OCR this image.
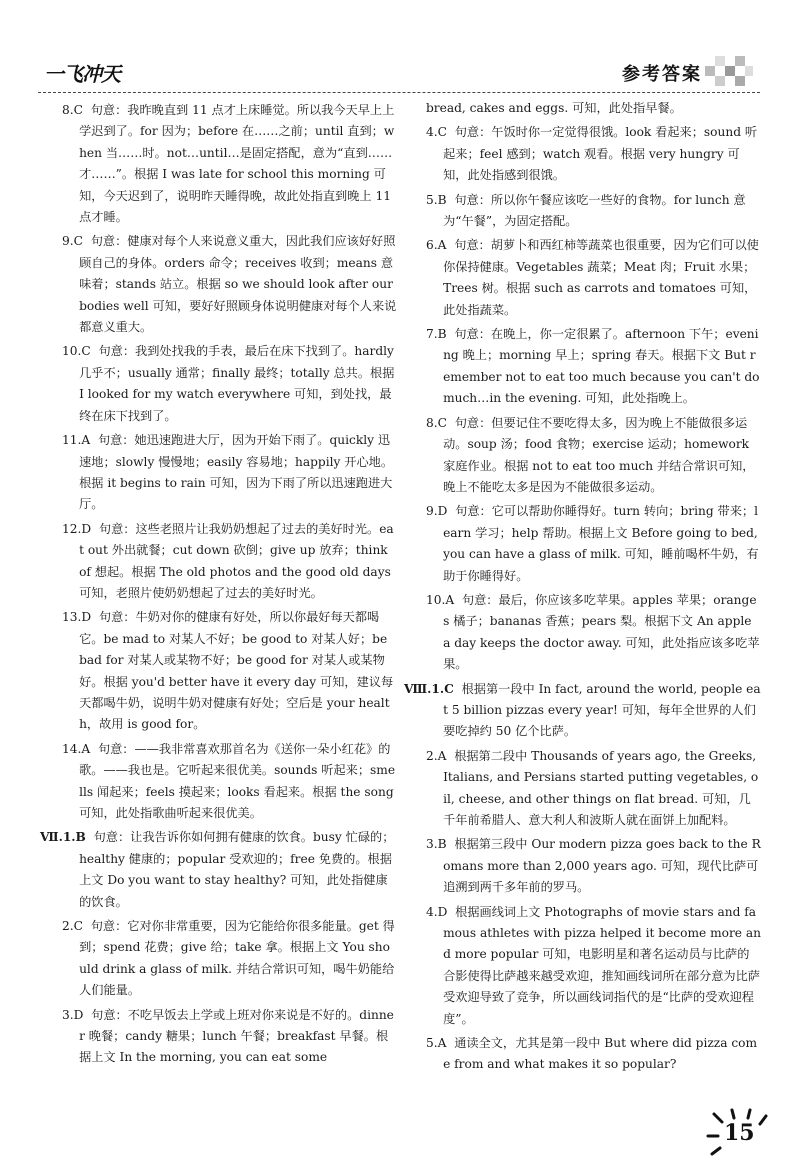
一飞冲天	参考答案
8.C 句意：我昨晚直到 11 点才上床睡觉。所以我今天早上上学迟到了。for 因为；before 在……之前；until 直到；when 当……时。not…until…是固定搭配，意为“直到……才……”。根据 I was late for school this morning 可知，今天迟到了，说明昨天睡得晚，故此处指直到晚上 11 点才睡。
9.C 句意：健康对每个人来说意义重大，因此我们应该好好照顾自己的身体。orders 命令；receives 收到；means 意味着；stands 站立。根据 so we should look after our bodies well 可知，要好好照顾身体说明健康对每个人来说都意义重大。
10.C 句意：我到处找我的手表，最后在床下找到了。hardly 几乎不；usually 通常；finally 最终；totally 总共。根据 I looked for my watch everywhere 可知，到处找，最终在床下找到了。
11.A 句意：她迅速跑进大厅，因为开始下雨了。quickly 迅速地；slowly 慢慢地；easily 容易地；happily 开心地。根据 it begins to rain 可知，因为下雨了所以迅速跑进大厅。
12.D 句意：这些老照片让我奶奶想起了过去的美好时光。eat out 外出就餐；cut down 砍倒；give up 放弃；think of 想起。根据 The old photos and the good old days 可知，老照片使奶奶想起了过去的美好时光。
13.D 句意：牛奶对你的健康有好处，所以你最好每天都喝它。be mad to 对某人不好；be good to 对某人好；be bad for 对某人或某物不好；be good for 对某人或某物好。根据 you'd better have it every day 可知，建议每天都喝牛奶，说明牛奶对健康有好处；空后是 your health，故用 is good for。
14.A 句意：——我非常喜欢那首名为《送你一朵小红花》的歌。——我也是。它听起来很优美。sounds 听起来；smells 闻起来；feels 摸起来；looks 看起来。根据 the song 可知，此处指歌曲听起来很优美。
Ⅶ.1.B 句意：让我告诉你如何拥有健康的饮食。busy 忙碌的；healthy 健康的；popular 受欢迎的；free 免费的。根据上文 Do you want to stay healthy? 可知，此处指健康的饮食。
2.C 句意：它对你非常重要，因为它能给你很多能量。get 得到；spend 花费；give 给；take 拿。根据上文 You should drink a glass of milk. 并结合常识可知，喝牛奶能给人们能量。
3.D 句意：不吃早饭去上学或上班对你来说是不好的。dinner 晚餐；candy 糖果；lunch 午餐；breakfast 早餐。根据上文 In the morning, you can eat some
bread, cakes and eggs. 可知，此处指早餐。
4.C 句意：午饭时你一定觉得很饿。look 看起来；sound 听起来；feel 感到；watch 观看。根据 very hungry 可知，此处指感到很饿。
5.B 句意：所以你午餐应该吃一些好的食物。for lunch 意为“午餐”，为固定搭配。
6.A 句意：胡萝卜和西红柿等蔬菜也很重要，因为它们可以使你保持健康。Vegetables 蔬菜；Meat 肉；Fruit 水果；Trees 树。根据 such as carrots and tomatoes 可知，此处指蔬菜。
7.B 句意：在晚上，你一定很累了。afternoon 下午；evening 晚上；morning 早上；spring 春天。根据下文 But remember not to eat too much because you can't do much…in the evening. 可知，此处指晚上。
8.C 句意：但要记住不要吃得太多，因为晚上不能做很多运动。soup 汤；food 食物；exercise 运动；homework 家庭作业。根据 not to eat too much 并结合常识可知，晚上不能吃太多是因为不能做很多运动。
9.D 句意：它可以帮助你睡得好。turn 转向；bring 带来；learn 学习；help 帮助。根据上文 Before going to bed, you can have a glass of milk. 可知，睡前喝杯牛奶，有助于你睡得好。
10.A 句意：最后，你应该多吃苹果。apples 苹果；oranges 橘子；bananas 香蕉；pears 梨。根据下文 An apple a day keeps the doctor away. 可知，此处指应该多吃苹果。
Ⅷ.1.C 根据第一段中 In fact, around the world, people eat 5 billion pizzas every year! 可知，每年全世界的人们要吃掉约 50 亿个比萨。
2.A 根据第二段中 Thousands of years ago, the Greeks, Italians, and Persians started putting vegetables, oil, cheese, and other things on flat bread. 可知，几千年前希腊人、意大利人和波斯人就在面饼上加配料。
3.B 根据第三段中 Our modern pizza goes back to the Romans more than 2,000 years ago. 可知，现代比萨可追溯到两千多年前的罗马。
4.D 根据画线词上文 Photographs of movie stars and famous athletes with pizza helped it become more and more popular 可知，电影明星和著名运动员与比萨的合影使得比萨越来越受欢迎，推知画线词所在部分意为比萨受欢迎导致了竞争，所以画线词指代的是“比萨的受欢迎程度”。
5.A 通读全文，尤其是第一段中 But where did pizza come from and what makes it so popular?
15
